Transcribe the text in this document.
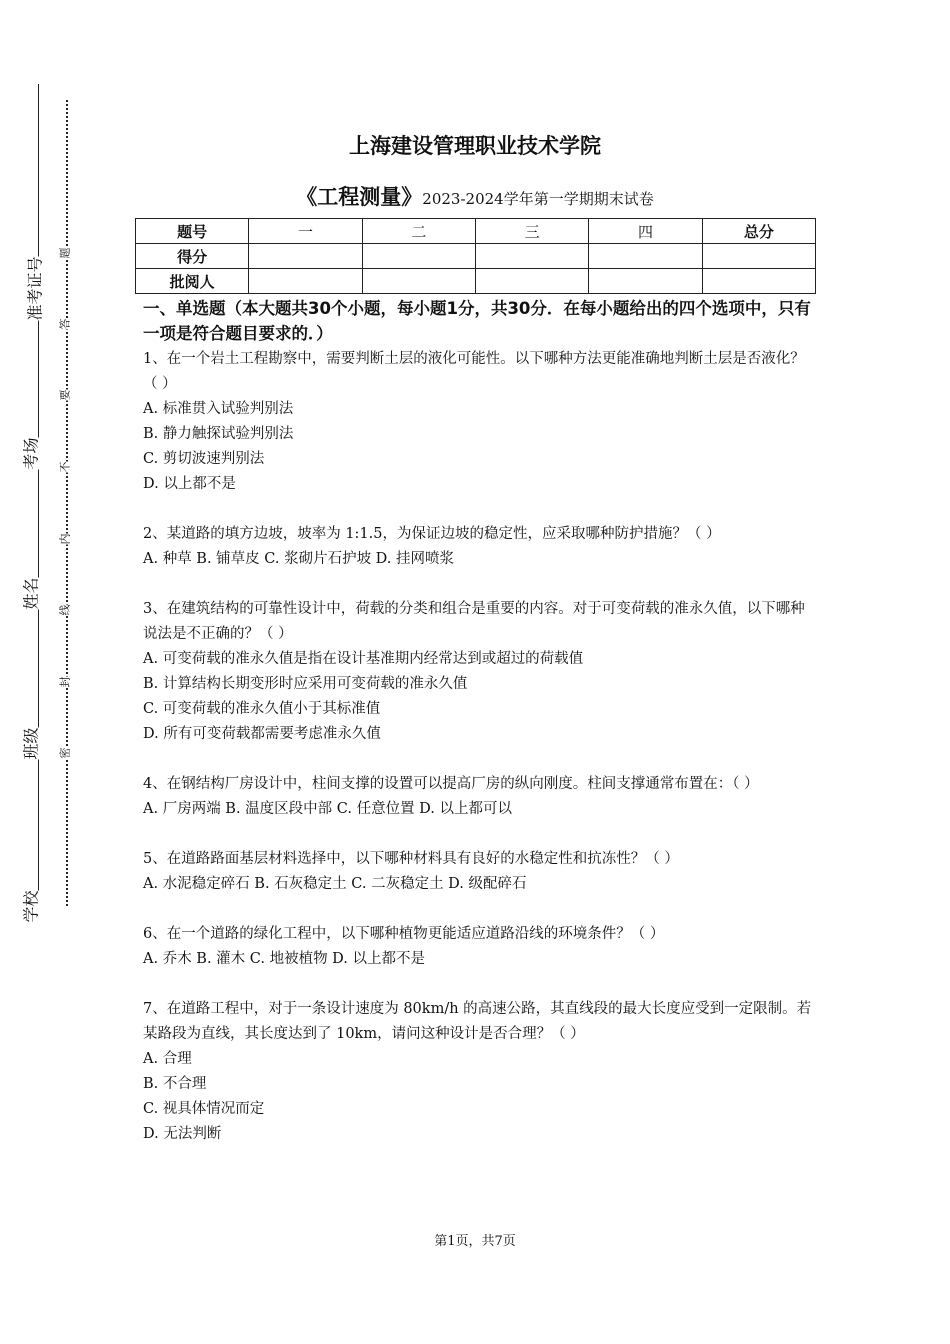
准考证号
考场
姓名
班级
学校
题
答
要
不
内
线
封
密
上海建设管理职业技术学院
《工程测量》2023-2024学年第一学期期末试卷
题号	一	二	三	四	总分
得分					
批阅人					
一、单选题（本大题共30个小题，每小题1分，共30分．在每小题给出的四个选项中，只有一项是符合题目要求的．）
1、在一个岩土工程勘察中，需要判断土层的液化可能性。以下哪种方法更能准确地判断土层是否液化？（ ）
A. 标准贯入试验判别法
B. 静力触探试验判别法
C. 剪切波速判别法
D. 以上都不是
2、某道路的填方边坡，坡率为 1:1.5，为保证边坡的稳定性，应采取哪种防护措施？（ ）
A. 种草 B. 铺草皮 C. 浆砌片石护坡 D. 挂网喷浆
3、在建筑结构的可靠性设计中，荷载的分类和组合是重要的内容。对于可变荷载的准永久值，以下哪种说法是不正确的？（ ）
A. 可变荷载的准永久值是指在设计基准期内经常达到或超过的荷载值
B. 计算结构长期变形时应采用可变荷载的准永久值
C. 可变荷载的准永久值小于其标准值
D. 所有可变荷载都需要考虑准永久值
4、在钢结构厂房设计中，柱间支撑的设置可以提高厂房的纵向刚度。柱间支撑通常布置在：（ ）
A. 厂房两端 B. 温度区段中部 C. 任意位置 D. 以上都可以
5、在道路路面基层材料选择中，以下哪种材料具有良好的水稳定性和抗冻性？（ ）
A. 水泥稳定碎石 B. 石灰稳定土 C. 二灰稳定土 D. 级配碎石
6、在一个道路的绿化工程中，以下哪种植物更能适应道路沿线的环境条件？（ ）
A. 乔木 B. 灌木 C. 地被植物 D. 以上都不是
7、在道路工程中，对于一条设计速度为 80km/h 的高速公路，其直线段的最大长度应受到一定限制。若某路段为直线，其长度达到了 10km，请问这种设计是否合理？（ ）
A. 合理
B. 不合理
C. 视具体情况而定
D. 无法判断
第1页，共7页
